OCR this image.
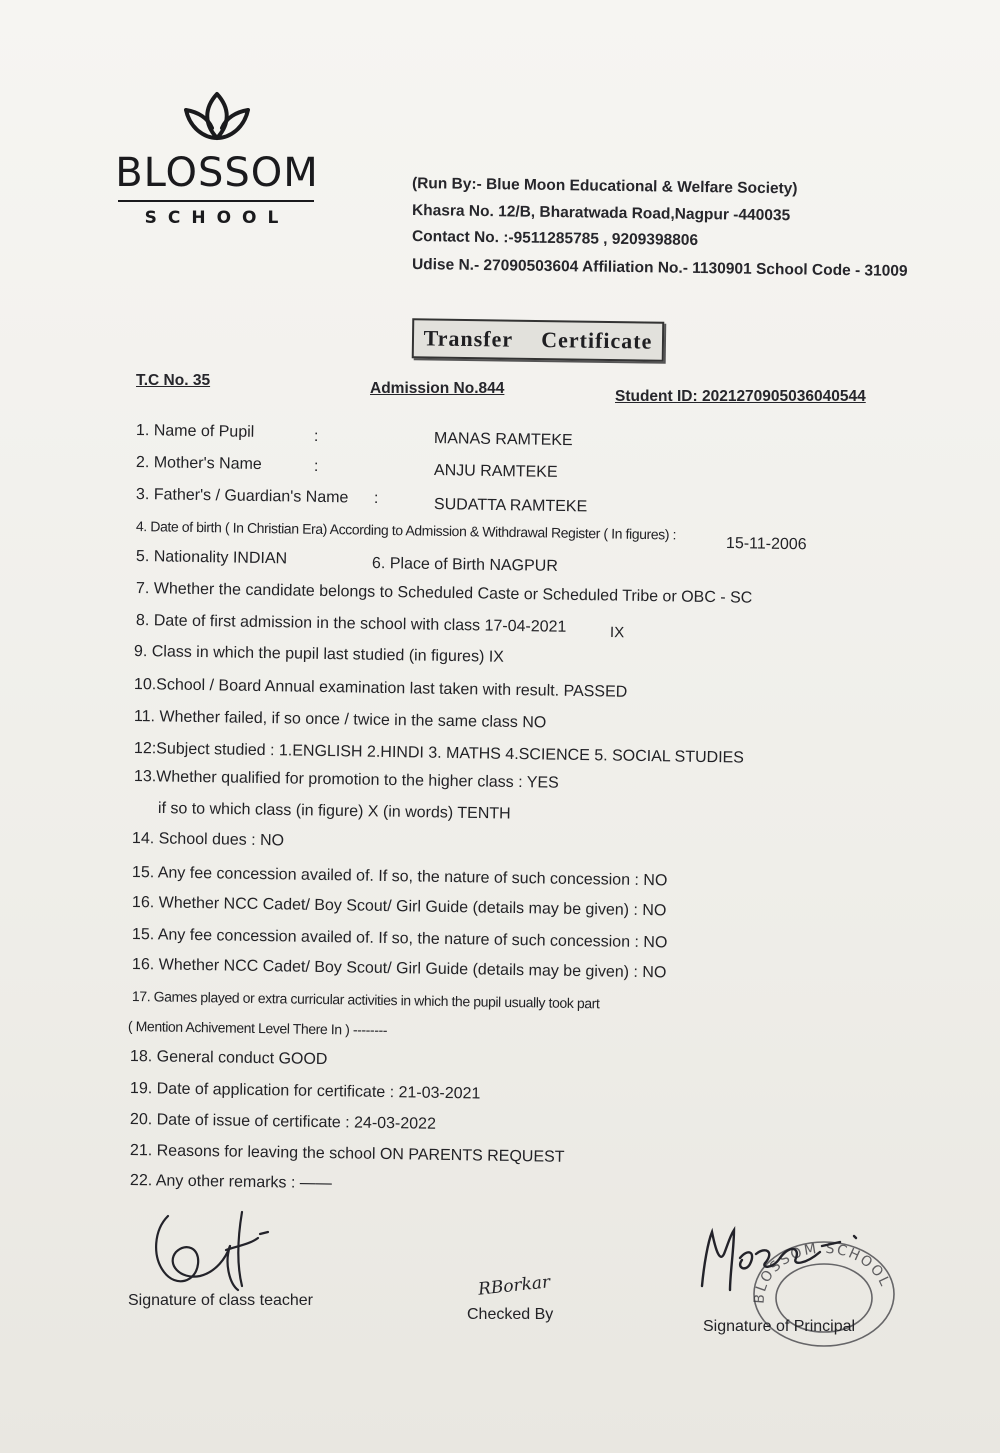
BLOSSOM
SCHOOL
(Run By:- Blue Moon Educational & Welfare Society)
Khasra No. 12/B, Bharatwada Road,Nagpur -440035
Contact No. :-9511285785 , 9209398806
Udise N.- 27090503604 Affiliation No.- 1130901 School Code - 31009
Transfer Certificate
T.C No. 35	Admission No.844	Student ID: 2021270905036040544
1. Name of Pupil	:	MANAS RAMTEKE
2. Mother's Name	:	ANJU RAMTEKE
3. Father's / Guardian's Name :	SUDATTA RAMTEKE
4. Date of birth ( In Christian Era) According to Admission & Withdrawal Register ( In figures) :
15-11-2006
5. Nationality INDIAN	6. Place of Birth NAGPUR
7. Whether the candidate belongs to Scheduled Caste or Scheduled Tribe or OBC - SC
8. Date of first admission in the school with class 17-04-2021	IX
9. Class in which the pupil last studied (in figures) IX
10.School / Board Annual examination last taken with result. PASSED
11. Whether failed, if so once / twice in the same class NO
12:Subject studied : 1.ENGLISH 2.HINDI 3. MATHS 4.SCIENCE 5. SOCIAL STUDIES
13.Whether qualified for promotion to the higher class : YES
if so to which class (in figure) X (in words) TENTH
14. School dues : NO
15. Any fee concession availed of. If so, the nature of such concession : NO
16. Whether NCC Cadet/ Boy Scout/ Girl Guide (details may be given) : NO
15. Any fee concession availed of. If so, the nature of such concession : NO
16. Whether NCC Cadet/ Boy Scout/ Girl Guide (details may be given) : NO
17. Games played or extra curricular activities in which the pupil usually took part
( Mention Achivement Level There In ) --------
18. General conduct GOOD
19. Date of application for certificate : 21-03-2021
20. Date of issue of certificate : 24-03-2022
21. Reasons for leaving the school ON PARENTS REQUEST
22. Any other remarks : ——
Signature of class teacher
RBorkar
Checked By
BLOSSOM SCHOOL
Signature of Principal
